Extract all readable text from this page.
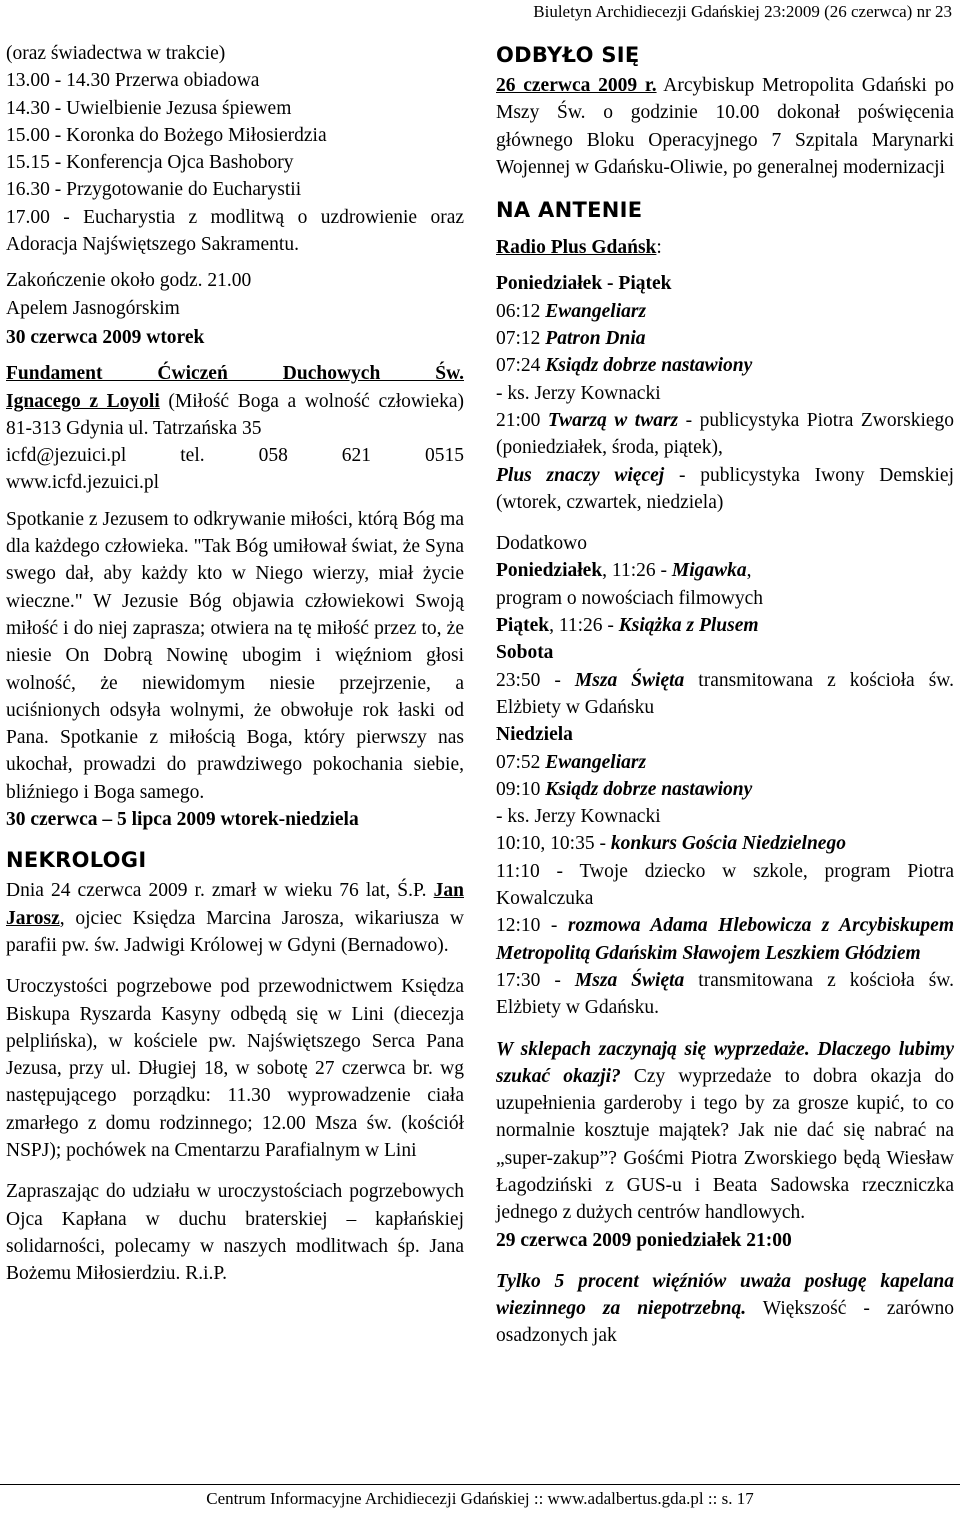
Biuletyn Archidiecezji Gdańskiej 23:2009 (26 czerwca) nr 23

(oraz świadectwa w trakcie)

13.00 - 14.30 Przerwa obiadowa

14.30 - Uwielbienie Jezusa śpiewem

15.00 - Koronka do Bożego Miłosierdzia

15.15 - Konferencja Ojca Bashobory

16.30 - Przygotowanie do Eucharystii

17.00 - Eucharystia z modlitwą o uzdrowienie oraz Adoracja Najświętszego Sakramentu.

Zakończenie około godz. 21.00

Apelem Jasnogórskim

30 czerwca 2009 wtorek

Fundament Ćwiczeń Duchowych Św.

Ignacego z Loyoli (Miłość Boga a wolność człowieka) 81-313 Gdynia ul. Tatrzańska 35

icfd@jezuici.pl tel. 058 621 0515

www.icfd.jezuici.pl

Spotkanie z Jezusem to odkrywanie miłości, którą Bóg ma dla każdego człowieka. "Tak Bóg umiłował świat, że Syna swego dał, aby każdy kto w Niego wierzy, miał życie wieczne." W Jezusie Bóg objawia człowiekowi Swoją miłość i do niej zaprasza; otwiera na tę miłość przez to, że niesie On Dobrą Nowinę ubogim i więźniom głosi wolność, że niewidomym niesie przejrzenie, a uciśnionych odsyła wolnymi, że obwołuje rok łaski od Pana. Spotkanie z miłością Boga, który pierwszy nas ukochał, prowadzi do prawdziwego pokochania siebie, bliźniego i Boga samego.

30 czerwca – 5 lipca 2009 wtorek-niedziela

NEKROLOGI

Dnia 24 czerwca 2009 r. zmarł w wieku 76 lat, Ś.P. Jan Jarosz, ojciec Księdza Marcina Jarosza, wikariusza w parafii pw. św. Jadwigi Królowej w Gdyni (Bernadowo).

Uroczystości pogrzebowe pod przewodnictwem Księdza Biskupa Ryszarda Kasyny odbędą się w Lini (diecezja pelplińska), w kościele pw. Najświętszego Serca Pana Jezusa, przy ul. Długiej 18, w sobotę 27 czerwca br. wg następującego porządku: 11.30 wyprowadzenie ciała zmarłego z domu rodzinnego; 12.00 Msza św. (kościół NSPJ); pochówek na Cmentarzu Parafialnym w Lini

Zapraszając do udziału w uroczystościach pogrzebowych Ojca Kapłana w duchu braterskiej – kapłańskiej solidarności, polecamy w naszych modlitwach śp. Jana Bożemu Miłosierdziu. R.i.P.

ODBYŁO SIĘ

26 czerwca 2009 r. Arcybiskup Metropolita Gdański po Mszy Św. o godzinie 10.00 dokonał poświęcenia głównego Bloku Operacyjnego 7 Szpitala Marynarki Wojennej w Gdańsku-Oliwie, po generalnej modernizacji

NA ANTENIE

Radio Plus Gdańsk:

Poniedziałek - Piątek

06:12 Ewangeliarz

07:12 Patron Dnia

07:24 Ksiądz dobrze nastawiony

- ks. Jerzy Kownacki

21:00 Twarzą w twarz - publicystyka Piotra Zworskiego (poniedziałek, środa, piątek),

Plus znaczy więcej - publicystyka Iwony Demskiej (wtorek, czwartek, niedziela)

Dodatkowo

Poniedziałek, 11:26 - Migawka,

program o nowościach filmowych

Piątek, 11:26 - Książka z Plusem

Sobota

23:50 - Msza Święta transmitowana z kościoła św. Elżbiety w Gdańsku

Niedziela

07:52 Ewangeliarz

09:10 Ksiądz dobrze nastawiony

- ks. Jerzy Kownacki

10:10, 10:35 - konkurs Gościa Niedzielnego

11:10 - Twoje dziecko w szkole, program Piotra Kowalczuka

12:10 - rozmowa Adama Hlebowicza z Arcybiskupem Metropolitą Gdańskim Sławojem Leszkiem Głódziem

17:30 - Msza Święta transmitowana z kościoła św. Elżbiety w Gdańsku.

W sklepach zaczynają się wyprzedaże. Dlaczego lubimy szukać okazji? Czy wyprzedaże to dobra okazja do uzupełnienia garderoby i tego by za grosze kupić, to co normalnie kosztuje majątek? Jak nie dać się nabrać na „super-zakup”? Gośćmi Piotra Zworskiego będą Wiesław Łagodziński z GUS-u i Beata Sadowska rzeczniczka jednego z dużych centrów handlowych.

29 czerwca 2009 poniedziałek 21:00

Tylko 5 procent więźniów uważa posługę kapelana wiezinnego za niepotrzebną. Większość - zarówno osadzonych jak

Centrum Informacyjne Archidiecezji Gdańskiej :: www.adalbertus.gda.pl :: s. 17
